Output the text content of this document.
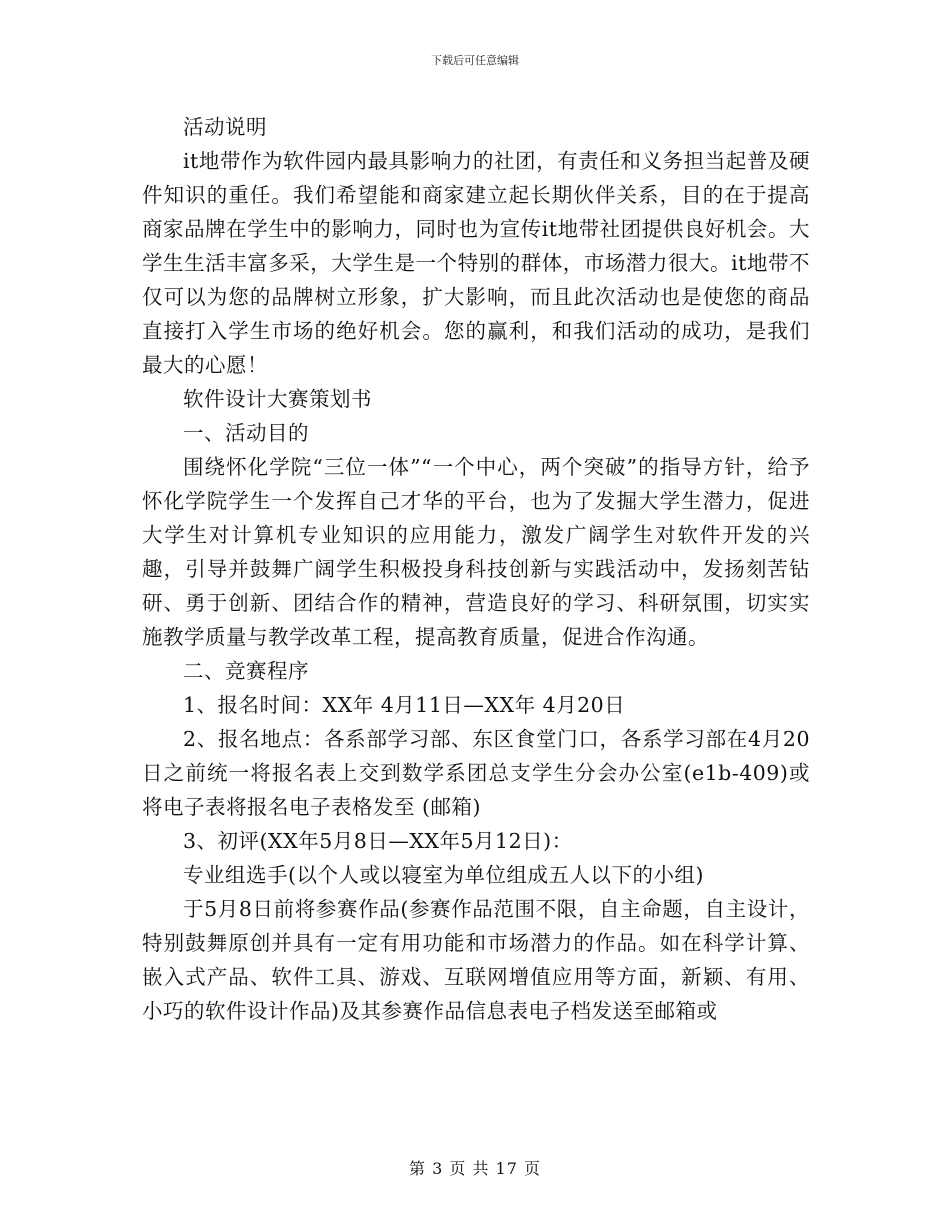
下载后可任意编辑

活动说明

it地带作为软件园内最具影响力的社团，有责任和义务担当起普及硬件知识的重任。我们希望能和商家建立起长期伙伴关系，目的在于提高商家品牌在学生中的影响力，同时也为宣传it地带社团提供良好机会。大学生生活丰富多采，大学生是一个特别的群体，市场潜力很大。it地带不仅可以为您的品牌树立形象，扩大影响，而且此次活动也是使您的商品直接打入学生市场的绝好机会。您的赢利，和我们活动的成功，是我们最大的心愿！

软件设计大赛策划书

一、活动目的

围绕怀化学院“三位一体”“一个中心，两个突破”的指导方针，给予怀化学院学生一个发挥自己才华的平台，也为了发掘大学生潜力，促进大学生对计算机专业知识的应用能力，激发广阔学生对软件开发的兴趣，引导并鼓舞广阔学生积极投身科技创新与实践活动中，发扬刻苦钻研、勇于创新、团结合作的精神，营造良好的学习、科研氛围，切实实施教学质量与教学改革工程，提高教育质量，促进合作沟通。

二、竞赛程序

1、报名时间：XX年 4月11日—XX年 4月20日

2、报名地点：各系部学习部、东区食堂门口，各系学习部在4月20日之前统一将报名表上交到数学系团总支学生分会办公室(e1b-409)或将电子表将报名电子表格发至 (邮箱)

3、初评(XX年5月8日—XX年5月12日)：

专业组选手(以个人或以寝室为单位组成五人以下的小组)

于5月8日前将参赛作品(参赛作品范围不限，自主命题，自主设计，特别鼓舞原创并具有一定有用功能和市场潜力的作品。如在科学计算、嵌入式产品、软件工具、游戏、互联网增值应用等方面，新颖、有用、小巧的软件设计作品)及其参赛作品信息表电子档发送至邮箱或

第 3 页 共 17 页
